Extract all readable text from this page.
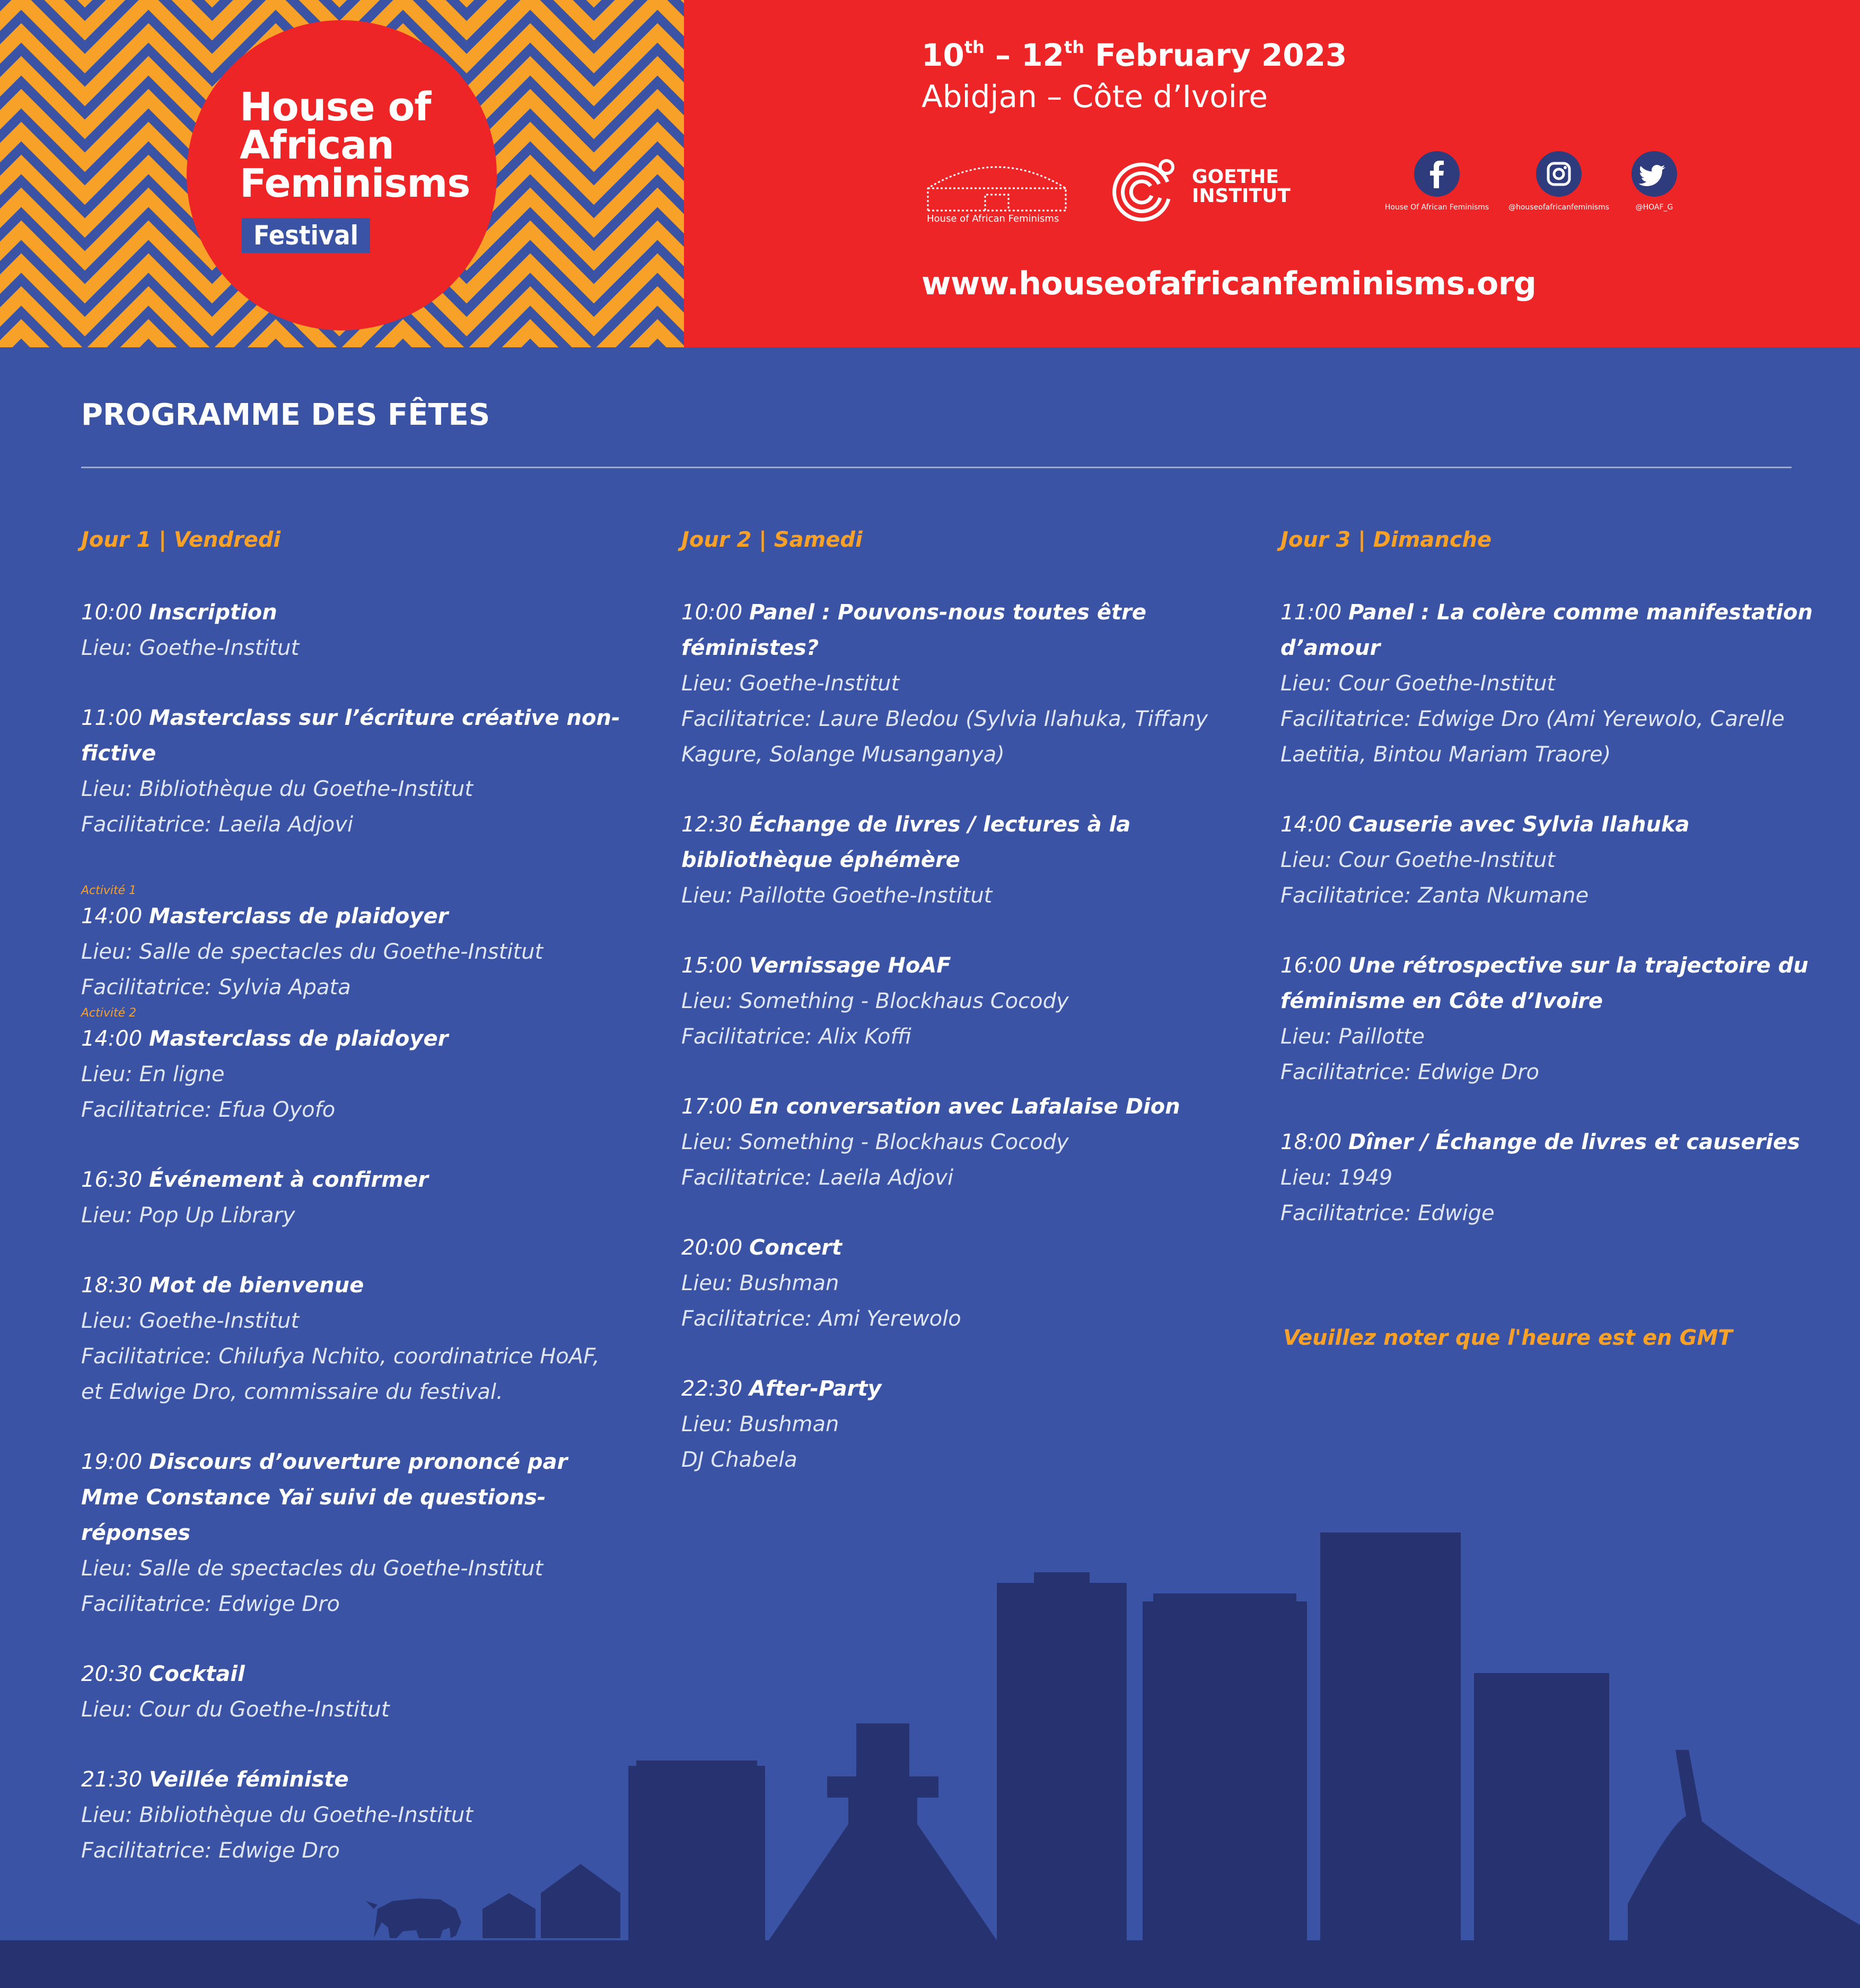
House of
African
Feminisms
Festival
10th – 12th February 2023
Abidjan – Côte d’Ivoire
House of African Feminisms
GOETHE
INSTITUT
House Of African Feminisms	@houseofafricanfeminisms	@HOAF_G
www.houseofafricanfeminisms.org
PROGRAMME DES FÊTES
Jour 1 | Vendredi
10:00 Inscription
Lieu: Goethe-Institut
11:00 Masterclass sur l’écriture créative non-fictive
Lieu: Bibliothèque du Goethe-Institut
Facilitatrice: Laeila Adjovi
Activité 1
14:00 Masterclass de plaidoyer
Lieu: Salle de spectacles du Goethe-Institut
Facilitatrice: Sylvia Apata
Activité 2
14:00 Masterclass de plaidoyer
Lieu: En ligne
Facilitatrice: Efua Oyofo
16:30 Événement à confirmer
Lieu: Pop Up Library
18:30 Mot de bienvenue
Lieu: Goethe-Institut
Facilitatrice: Chilufya Nchito, coordinatrice HoAF,
et Edwige Dro, commissaire du festival.
19:00 Discours d’ouverture prononcé par Mme Constance Yaï suivi de questions-réponses
Lieu: Salle de spectacles du Goethe-Institut
Facilitatrice: Edwige Dro
20:30 Cocktail
Lieu: Cour du Goethe-Institut
21:30 Veillée féministe
Lieu: Bibliothèque du Goethe-Institut
Facilitatrice: Edwige Dro
Jour 2 | Samedi
10:00 Panel : Pouvons-nous toutes être féministes?
Lieu: Goethe-Institut
Facilitatrice: Laure Bledou (Sylvia Ilahuka, Tiffany
Kagure, Solange Musanganya)
12:30 Échange de livres / lectures à la bibliothèque éphémère
Lieu: Paillotte Goethe-Institut
15:00 Vernissage HoAF
Lieu: Something - Blockhaus Cocody
Facilitatrice: Alix Koffi
17:00 En conversation avec Lafalaise Dion
Lieu: Something - Blockhaus Cocody
Facilitatrice: Laeila Adjovi
20:00 Concert
Lieu: Bushman
Facilitatrice: Ami Yerewolo
22:30 After-Party
Lieu: Bushman
DJ Chabela
Jour 3 | Dimanche
11:00 Panel : La colère comme manifestation d’amour
Lieu: Cour Goethe-Institut
Facilitatrice: Edwige Dro (Ami Yerewolo, Carelle
Laetitia, Bintou Mariam Traore)
14:00 Causerie avec Sylvia Ilahuka
Lieu: Cour Goethe-Institut
Facilitatrice: Zanta Nkumane
16:00 Une rétrospective sur la trajectoire du féminisme en Côte d’Ivoire
Lieu: Paillotte
Facilitatrice: Edwige Dro
18:00 Dîner / Échange de livres et causeries
Lieu: 1949
Facilitatrice: Edwige
Veuillez noter que l'heure est en GMT
